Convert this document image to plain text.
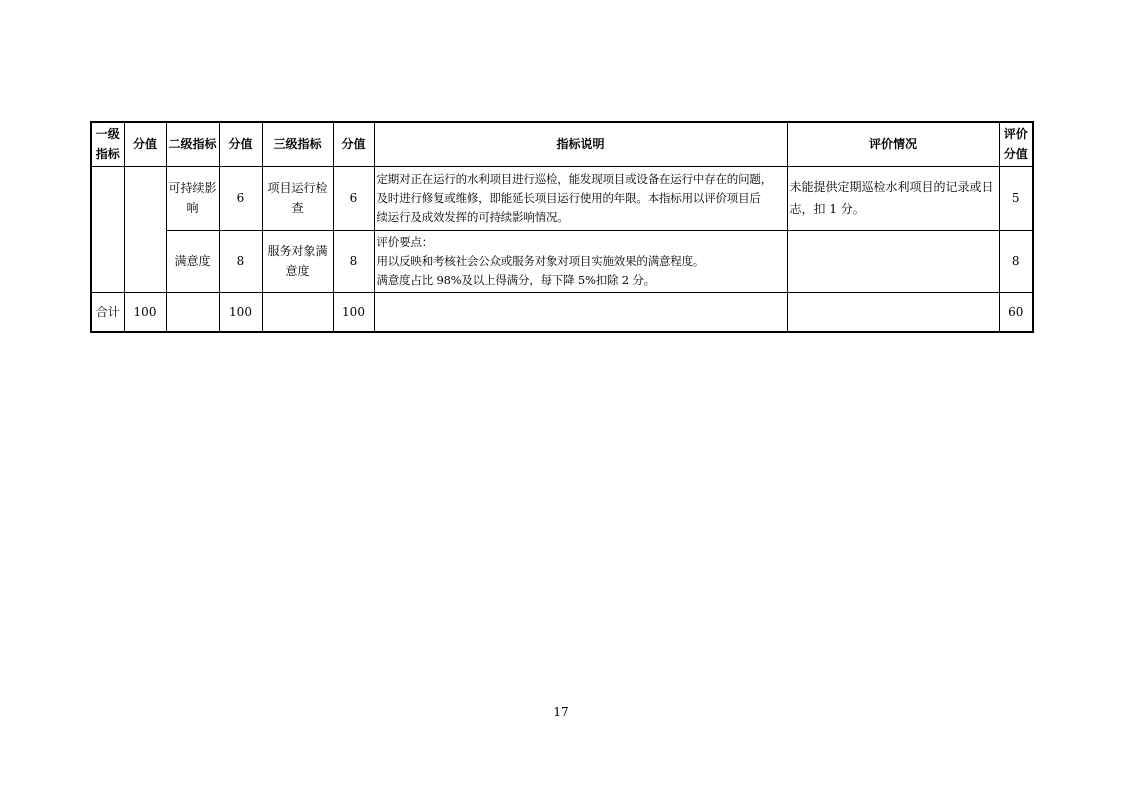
一级指标	分值	二级指标	分值	三级指标	分值	指标说明	评价情况	评价分值
		可持续影响	6	项目运行检查	6	定期对正在运行的水利项目进行巡检，能发现项目或设备在运行中存在的问题，
及时进行修复或维修，即能延长项目运行使用的年限。本指标用以评价项目后
续运行及成效发挥的可持续影响情况。	未能提供定期巡检水利项目的记录或日志，扣 1 分。	5
		满意度	8	服务对象满意度	8	评价要点：
用以反映和考核社会公众或服务对象对项目实施效果的满意程度。
满意度占比 98%及以上得满分，每下降 5%扣除 2 分。		8
合计	100		100		100			60
17
